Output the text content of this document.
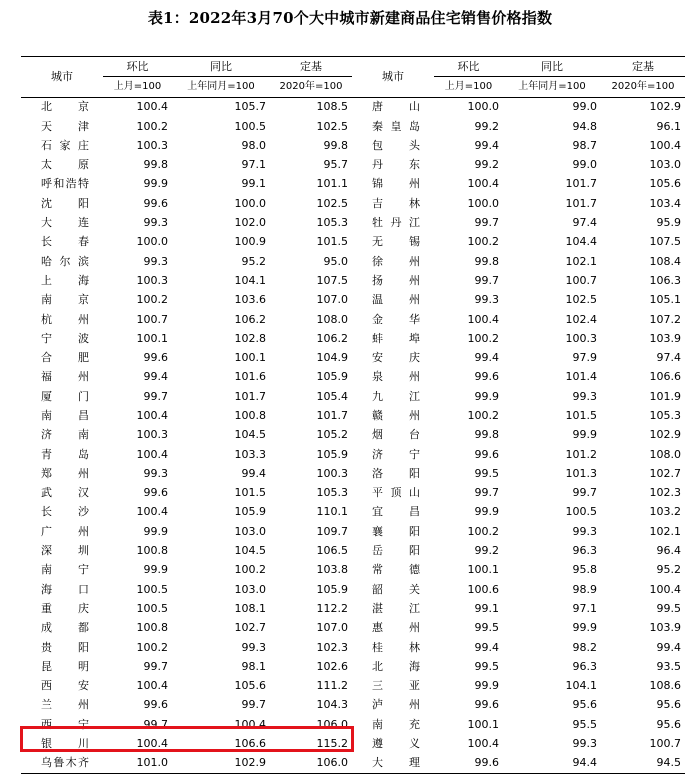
表1：2022年3月70个大中城市新建商品住宅销售价格指数
城市	环比	同比	定基	城市	环比	同比	定基
	上月=100	上年同月=100	2020年=100		上月=100	上年同月=100	2020年=100
北京	100.4	105.7	108.5	唐山	100.0	99.0	102.9
天津	100.2	100.5	102.5	秦皇岛	99.2	94.8	96.1
石家庄	100.3	98.0	99.8	包头	99.4	98.7	100.4
太原	99.8	97.1	95.7	丹东	99.2	99.0	103.0
呼和浩特	99.9	99.1	101.1	锦州	100.4	101.7	105.6
沈阳	99.6	100.0	102.5	吉林	100.0	101.7	103.4
大连	99.3	102.0	105.3	牡丹江	99.7	97.4	95.9
长春	100.0	100.9	101.5	无锡	100.2	104.4	107.5
哈尔滨	99.3	95.2	95.0	徐州	99.8	102.1	108.4
上海	100.3	104.1	107.5	扬州	99.7	100.7	106.3
南京	100.2	103.6	107.0	温州	99.3	102.5	105.1
杭州	100.7	106.2	108.0	金华	100.4	102.4	107.2
宁波	100.1	102.8	106.2	蚌埠	100.2	100.3	103.9
合肥	99.6	100.1	104.9	安庆	99.4	97.9	97.4
福州	99.4	101.6	105.9	泉州	99.6	101.4	106.6
厦门	99.7	101.7	105.4	九江	99.9	99.3	101.9
南昌	100.4	100.8	101.7	赣州	100.2	101.5	105.3
济南	100.3	104.5	105.2	烟台	99.8	99.9	102.9
青岛	100.4	103.3	105.9	济宁	99.6	101.2	108.0
郑州	99.3	99.4	100.3	洛阳	99.5	101.3	102.7
武汉	99.6	101.5	105.3	平顶山	99.7	99.7	102.3
长沙	100.4	105.9	110.1	宜昌	99.9	100.5	103.2
广州	99.9	103.0	109.7	襄阳	100.2	99.3	102.1
深圳	100.8	104.5	106.5	岳阳	99.2	96.3	96.4
南宁	99.9	100.2	103.8	常德	100.1	95.8	95.2
海口	100.5	103.0	105.9	韶关	100.6	98.9	100.4
重庆	100.5	108.1	112.2	湛江	99.1	97.1	99.5
成都	100.8	102.7	107.0	惠州	99.5	99.9	103.9
贵阳	100.2	99.3	102.3	桂林	99.4	98.2	99.4
昆明	99.7	98.1	102.6	北海	99.5	96.3	93.5
西安	100.4	105.6	111.2	三亚	99.9	104.1	108.6
兰州	99.6	99.7	104.3	泸州	99.6	95.6	95.6
西宁	99.7	100.4	106.0	南充	100.1	95.5	95.6
银川	100.4	106.6	115.2	遵义	100.4	99.3	100.7
乌鲁木齐	101.0	102.9	106.0	大理	99.6	94.4	94.5
